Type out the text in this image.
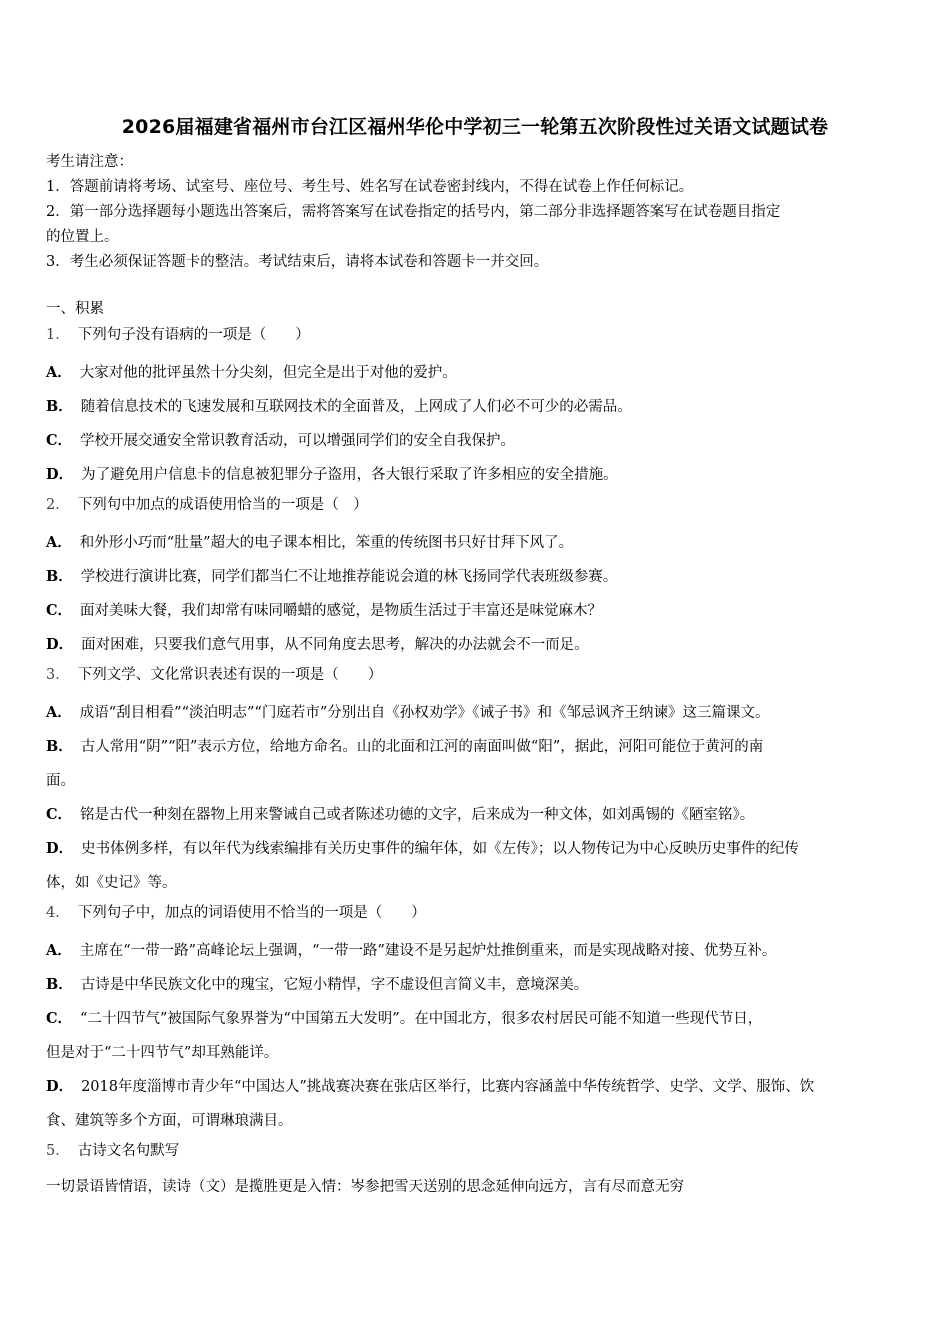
2026届福建省福州市台江区福州华伦中学初三一轮第五次阶段性过关语文试题试卷
考生请注意：
1．答题前请将考场、试室号、座位号、考生号、姓名写在试卷密封线内，不得在试卷上作任何标记。
2．第一部分选择题每小题选出答案后，需将答案写在试卷指定的括号内，第二部分非选择题答案写在试卷题目指定
的位置上。
3．考生必须保证答题卡的整洁。考试结束后，请将本试卷和答题卡一并交回。
一、积累
1． 下列句子没有语病的一项是（　　）
A． 大家对他的批评虽然十分尖刻，但完全是出于对他的爱护。
B． 随着信息技术的飞速发展和互联网技术的全面普及，上网成了人们必不可少的必需品。
C． 学校开展交通安全常识教育活动，可以增强同学们的安全自我保护。
D． 为了避免用户信息卡的信息被犯罪分子盗用，各大银行采取了许多相应的安全措施。
2． 下列句中加点的成语使用恰当的一项是（　）
A． 和外形小巧而“肚量”超大的电子课本相比，笨重的传统图书只好甘拜下风了。
B． 学校进行演讲比赛，同学们都当仁不让地推荐能说会道的林飞扬同学代表班级参赛。
C． 面对美味大餐，我们却常有味同嚼蜡的感觉，是物质生活过于丰富还是味觉麻木？
D． 面对困难，只要我们意气用事，从不同角度去思考，解决的办法就会不一而足。
3． 下列文学、文化常识表述有误的一项是（　　）
A． 成语“刮目相看”“淡泊明志”“门庭若市”分别出自《孙权劝学》《诫子书》和《邹忌讽齐王纳谏》这三篇课文。
B． 古人常用“阴”“阳”表示方位，给地方命名。山的北面和江河的南面叫做“阳”，据此，河阳可能位于黄河的南
面。
C． 铭是古代一种刻在器物上用来警诫自己或者陈述功德的文字，后来成为一种文体，如刘禹锡的《陋室铭》。
D． 史书体例多样，有以年代为线索编排有关历史事件的编年体，如《左传》；以人物传记为中心反映历史事件的纪传
体，如《史记》等。
4． 下列句子中，加点的词语使用不恰当的一项是（　　）
A． 主席在“一带一路”高峰论坛上强调，“一带一路”建设不是另起炉灶推倒重来，而是实现战略对接、优势互补。
B． 古诗是中华民族文化中的瑰宝，它短小精悍，字不虚设但言简义丰，意境深美。
C． “二十四节气”被国际气象界誉为“中国第五大发明”。在中国北方，很多农村居民可能不知道一些现代节日，
但是对于“二十四节气”却耳熟能详。
D． 2018年度淄博市青少年“中国达人”挑战赛决赛在张店区举行，比赛内容涵盖中华传统哲学、史学、文学、服饰、饮
食、建筑等多个方面，可谓琳琅满目。
5． 古诗文名句默写
一切景语皆情语，读诗（文）是揽胜更是入情：岑参把雪天送别的思念延伸向远方，言有尽而意无穷
